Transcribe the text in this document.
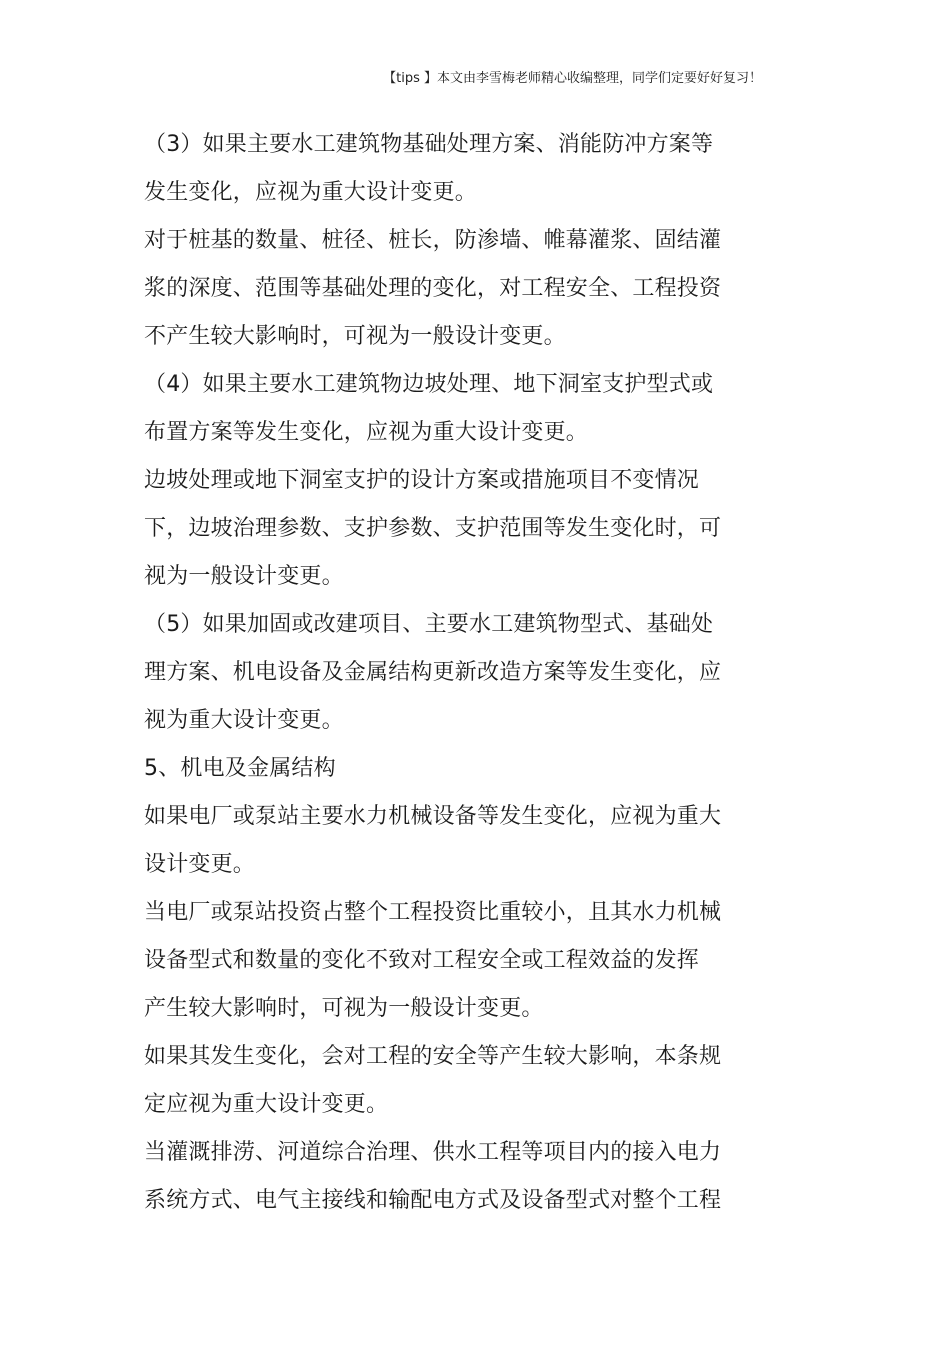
【tips 】本文由李雪梅老师精心收编整理，同学们定要好好复习！
（3）如果主要水工建筑物基础处理方案、消能防冲方案等
发生变化，应视为重大设计变更。
对于桩基的数量、桩径、桩长，防渗墙、帷幕灌浆、固结灌
浆的深度、范围等基础处理的变化，对工程安全、工程投资
不产生较大影响时，可视为一般设计变更。
（4）如果主要水工建筑物边坡处理、地下洞室支护型式或
布置方案等发生变化，应视为重大设计变更。
边坡处理或地下洞室支护的设计方案或措施项目不变情况
下，边坡治理参数、支护参数、支护范围等发生变化时，可
视为一般设计变更。
（5）如果加固或改建项目、主要水工建筑物型式、基础处
理方案、机电设备及金属结构更新改造方案等发生变化，应
视为重大设计变更。
5、机电及金属结构
如果电厂或泵站主要水力机械设备等发生变化，应视为重大
设计变更。
当电厂或泵站投资占整个工程投资比重较小，且其水力机械
设备型式和数量的变化不致对工程安全或工程效益的发挥
产生较大影响时，可视为一般设计变更。
如果其发生变化，会对工程的安全等产生较大影响，本条规
定应视为重大设计变更。
当灌溉排涝、河道综合治理、供水工程等项目内的接入电力
系统方式、电气主接线和输配电方式及设备型式对整个工程
